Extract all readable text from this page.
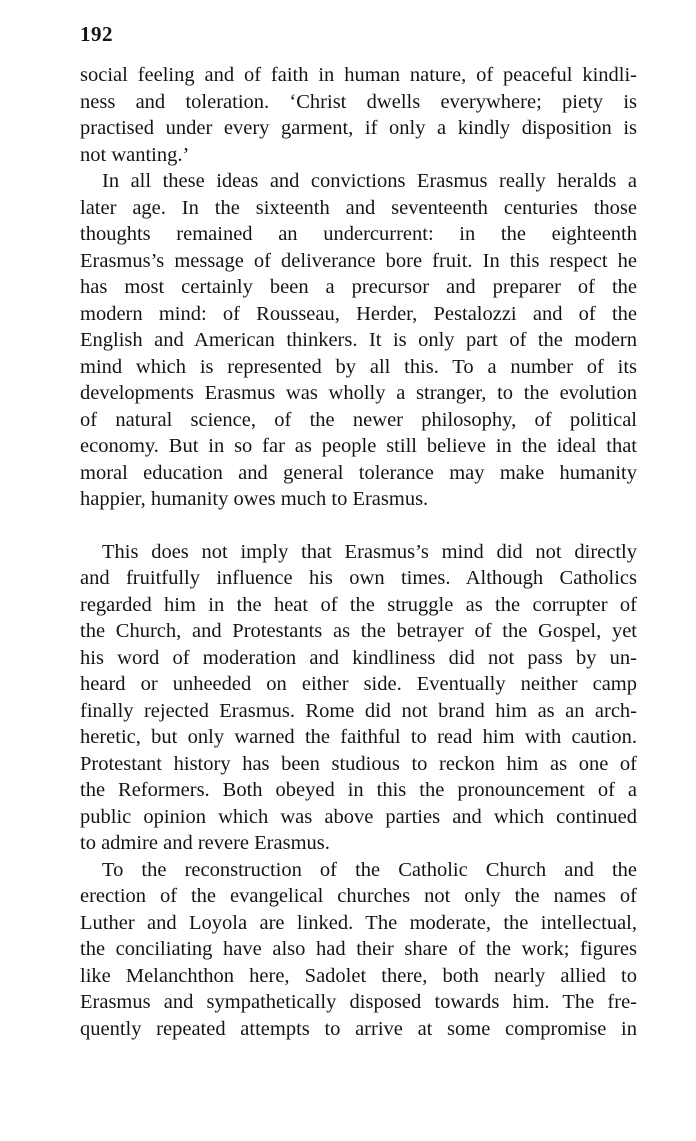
192
social feeling and of faith in human nature, of peaceful kindli-
ness and toleration. ‘Christ dwells everywhere; piety is
practised under every garment, if only a kindly disposition is
not wanting.’
In all these ideas and convictions Erasmus really heralds a
later age. In the sixteenth and seventeenth centuries those
thoughts remained an undercurrent: in the eighteenth
Erasmus’s message of deliverance bore fruit. In this respect he
has most certainly been a precursor and preparer of the
modern mind: of Rousseau, Herder, Pestalozzi and of the
English and American thinkers. It is only part of the modern
mind which is represented by all this. To a number of its
developments Erasmus was wholly a stranger, to the evolution
of natural science, of the newer philosophy, of political
economy. But in so far as people still believe in the ideal that
moral education and general tolerance may make humanity
happier, humanity owes much to Erasmus.
This does not imply that Erasmus’s mind did not directly
and fruitfully influence his own times. Although Catholics
regarded him in the heat of the struggle as the corrupter of
the Church, and Protestants as the betrayer of the Gospel, yet
his word of moderation and kindliness did not pass by un-
heard or unheeded on either side. Eventually neither camp
finally rejected Erasmus. Rome did not brand him as an arch-
heretic, but only warned the faithful to read him with caution.
Protestant history has been studious to reckon him as one of
the Reformers. Both obeyed in this the pronouncement of a
public opinion which was above parties and which continued
to admire and revere Erasmus.
To the reconstruction of the Catholic Church and the
erection of the evangelical churches not only the names of
Luther and Loyola are linked. The moderate, the intellectual,
the conciliating have also had their share of the work; figures
like Melanchthon here, Sadolet there, both nearly allied to
Erasmus and sympathetically disposed towards him. The fre-
quently repeated attempts to arrive at some compromise in
